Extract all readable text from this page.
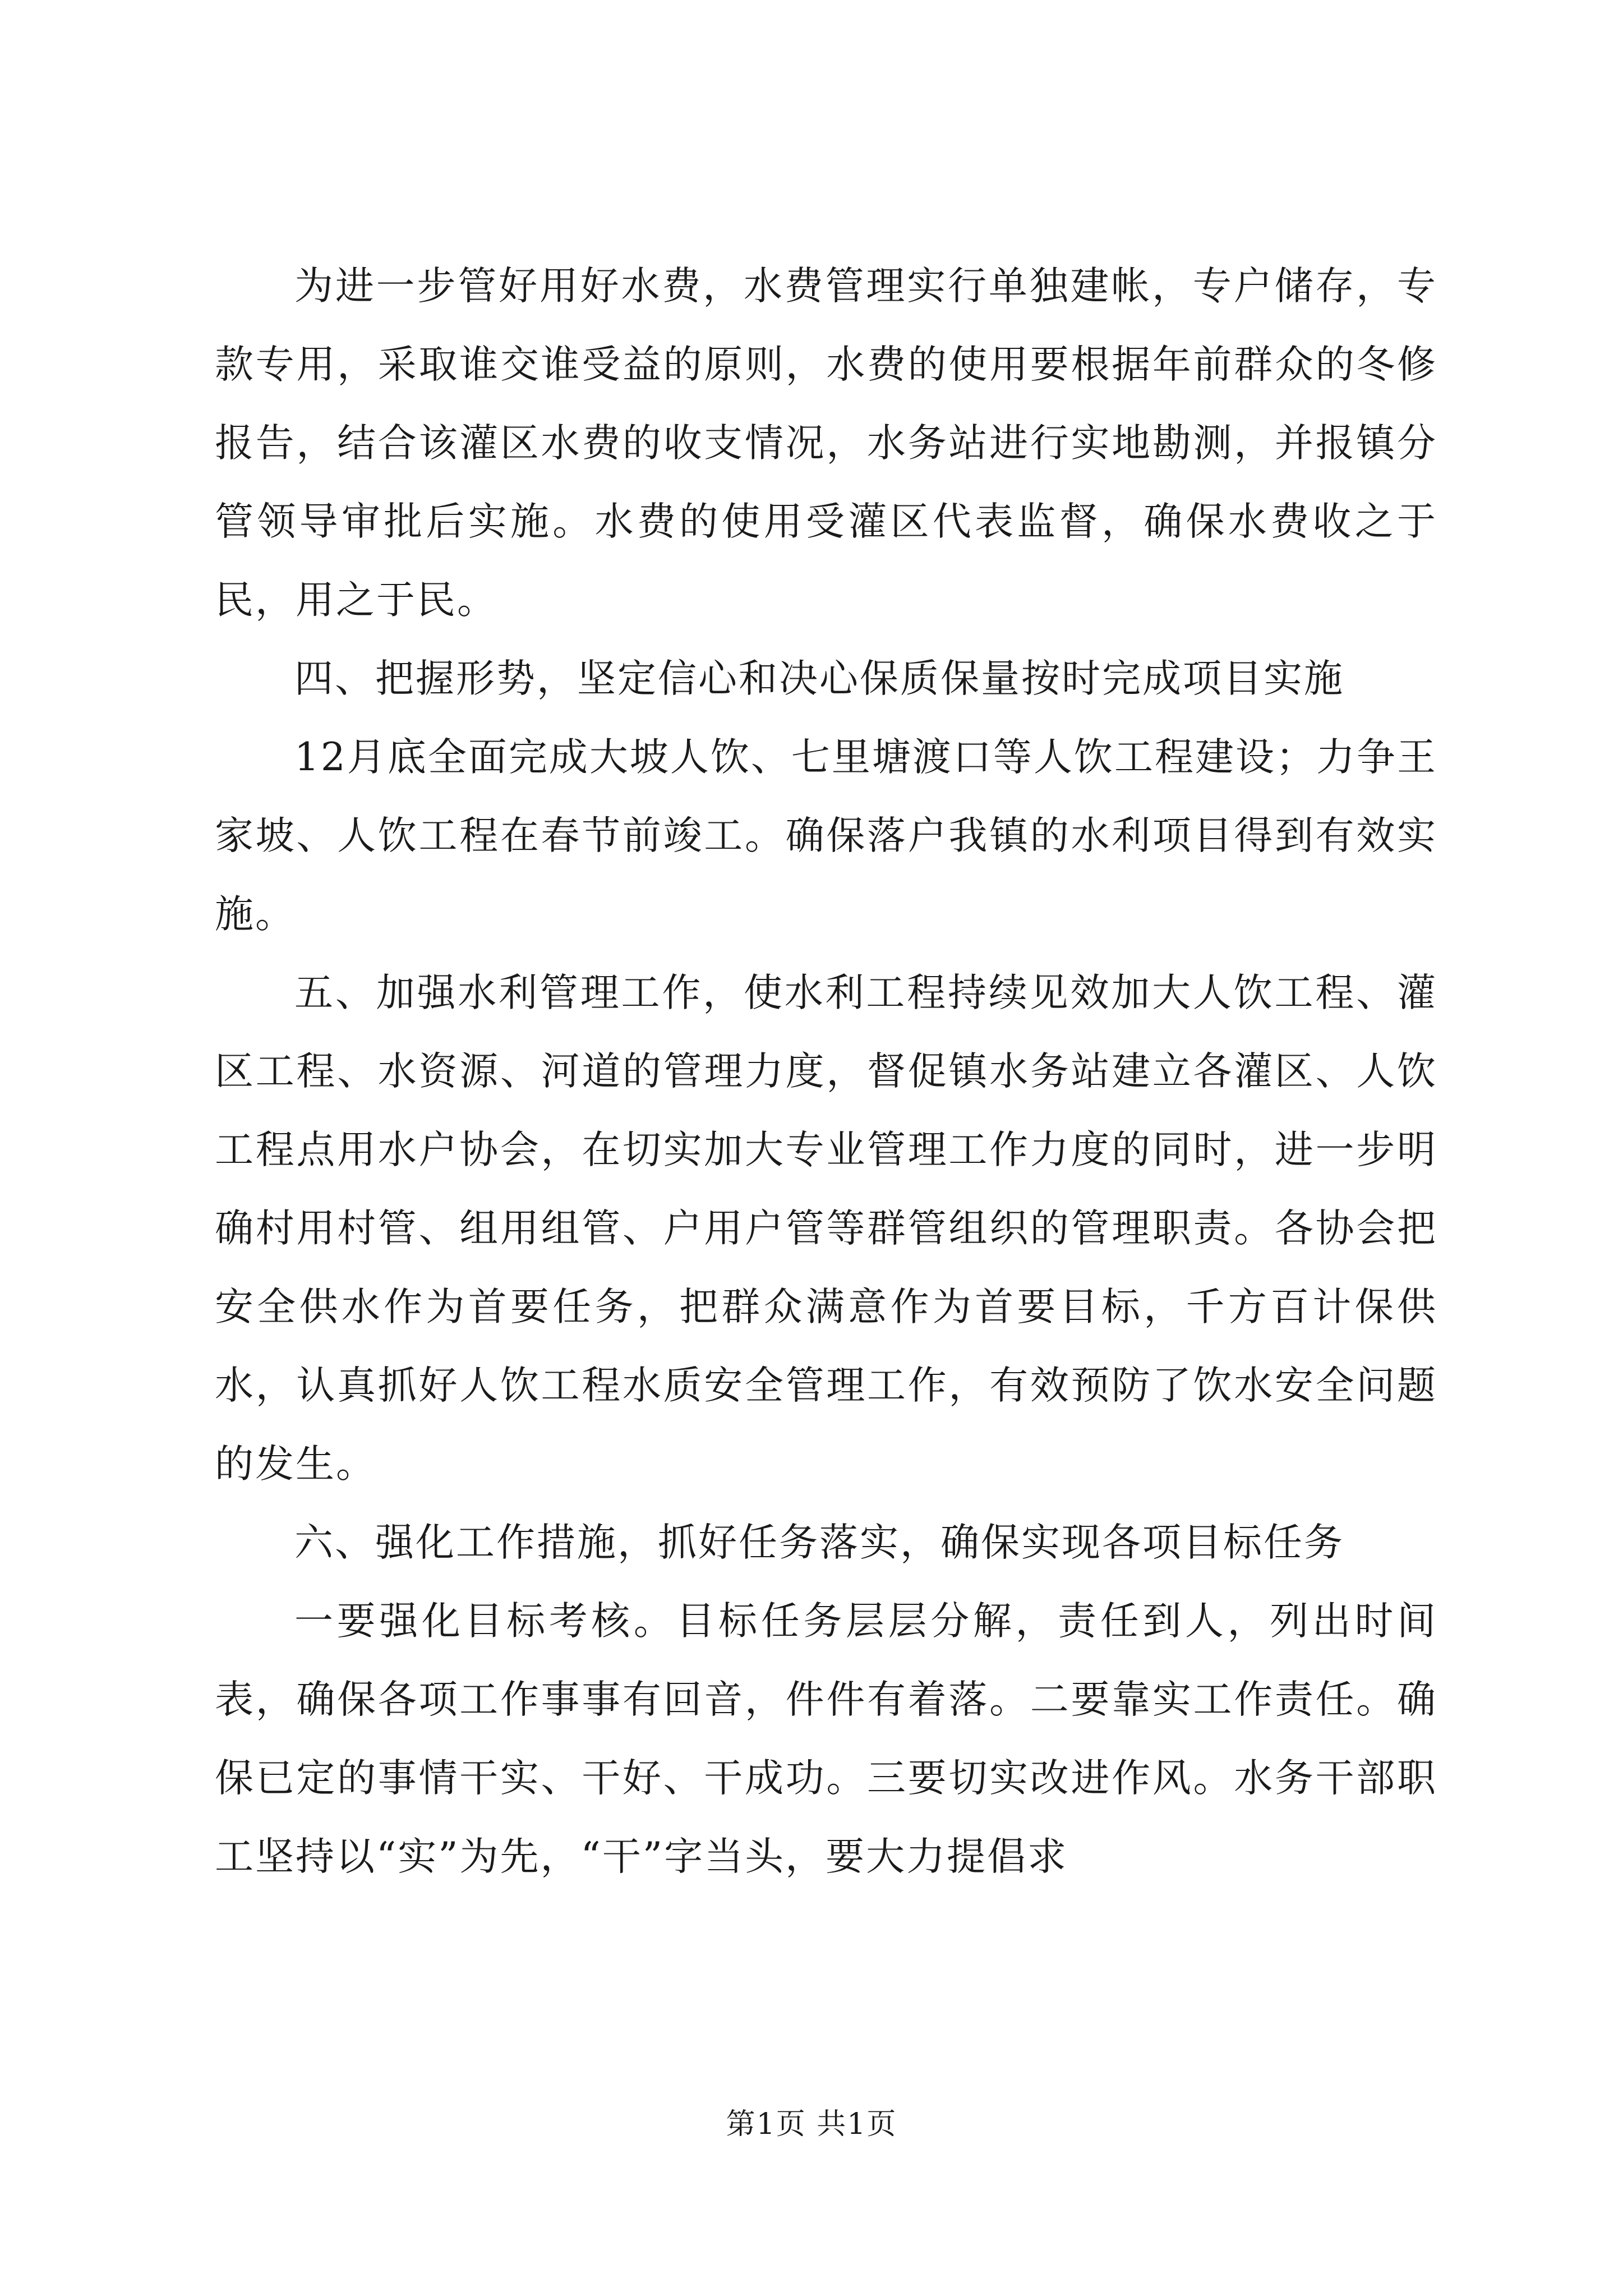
为进一步管好用好水费，水费管理实行单独建帐，专户储存，专款专用，采取谁交谁受益的原则，水费的使用要根据年前群众的冬修报告，结合该灌区水费的收支情况，水务站进行实地勘测，并报镇分管领导审批后实施。水费的使用受灌区代表监督，确保水费收之于民，用之于民。

四、把握形势，坚定信心和决心保质保量按时完成项目实施

12月底全面完成大坡人饮、七里塘渡口等人饮工程建设；力争王家坡、人饮工程在春节前竣工。确保落户我镇的水利项目得到有效实施。

五、加强水利管理工作，使水利工程持续见效加大人饮工程、灌区工程、水资源、河道的管理力度，督促镇水务站建立各灌区、人饮工程点用水户协会，在切实加大专业管理工作力度的同时，进一步明确村用村管、组用组管、户用户管等群管组织的管理职责。各协会把安全供水作为首要任务，把群众满意作为首要目标，千方百计保供水，认真抓好人饮工程水质安全管理工作，有效预防了饮水安全问题的发生。

六、强化工作措施，抓好任务落实，确保实现各项目标任务

一要强化目标考核。目标任务层层分解，责任到人，列出时间表，确保各项工作事事有回音，件件有着落。二要靠实工作责任。确保已定的事情干实、干好、干成功。三要切实改进作风。水务干部职工坚持以“实”为先，“干”字当头，要大力提倡求

第1页 共1页
